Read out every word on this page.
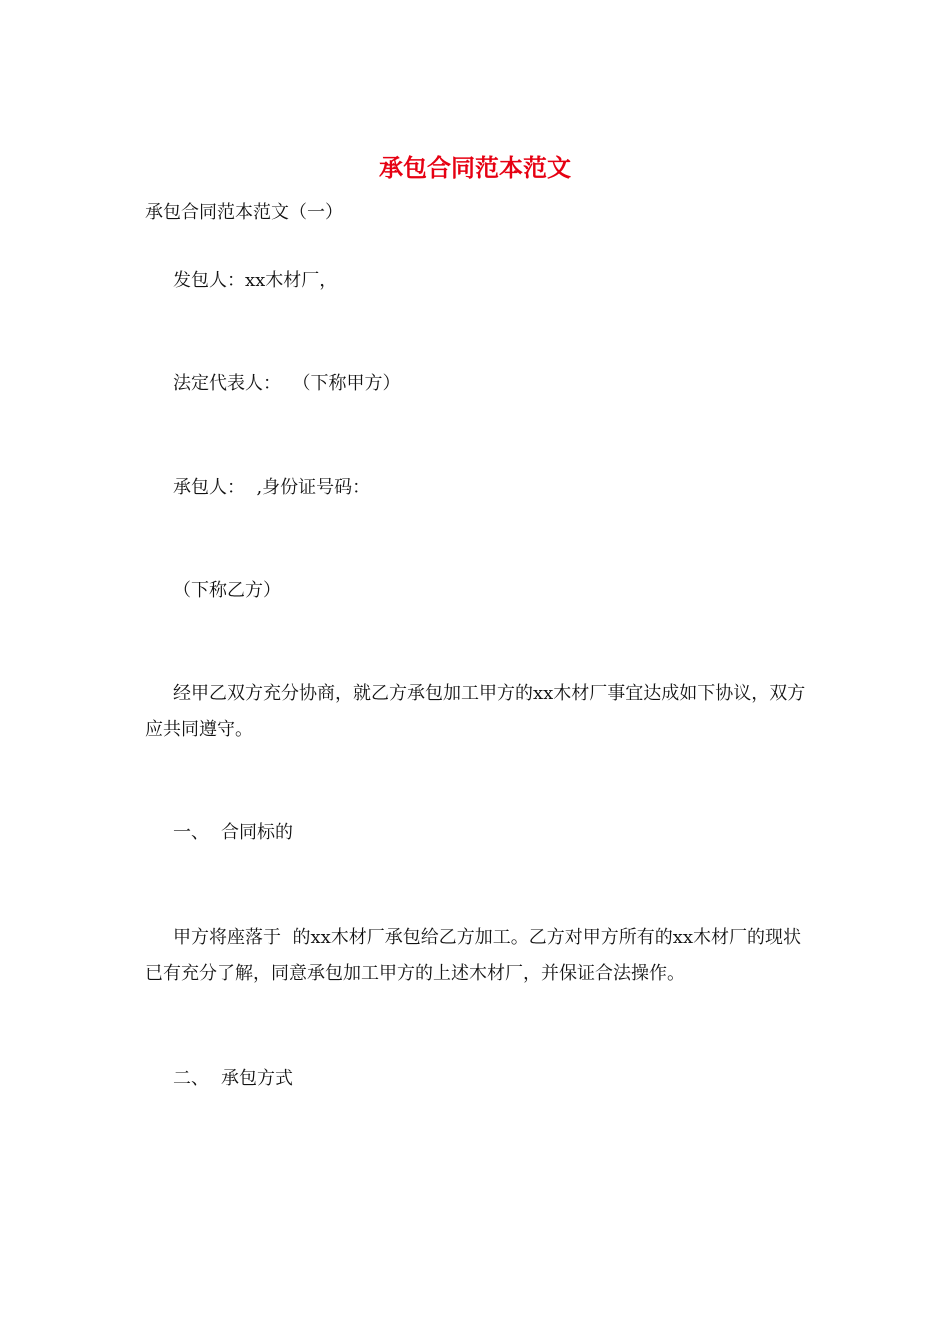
承包合同范本范文
承包合同范本范文（一）
发包人：xx木材厂，
法定代表人：  （下称甲方）
承包人：  ,身份证号码：
（下称乙方）
经甲乙双方充分协商，就乙方承包加工甲方的xx木材厂事宜达成如下协议，双方应共同遵守。
一、 合同标的
甲方将座落于  的xx木材厂承包给乙方加工。乙方对甲方所有的xx木材厂的现状已有充分了解，同意承包加工甲方的上述木材厂，并保证合法操作。
二、 承包方式
